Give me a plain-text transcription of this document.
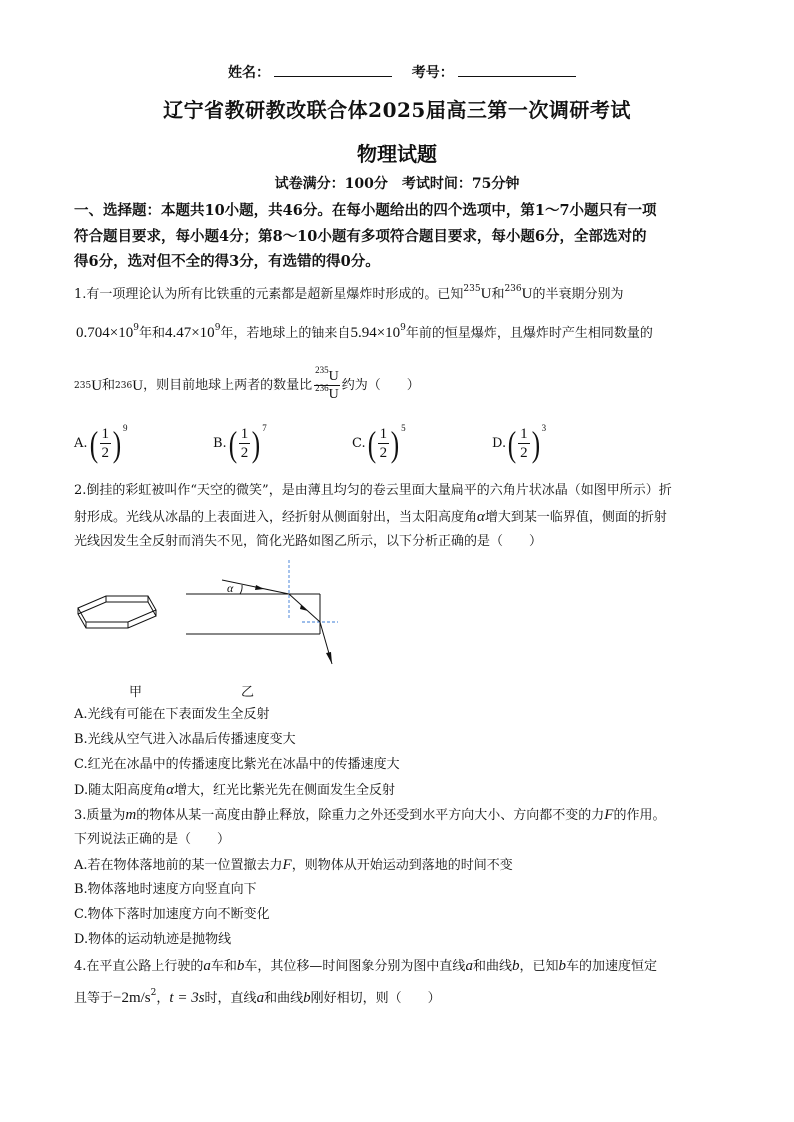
姓名：	考号：
辽宁省教研教改联合体2025届高三第一次调研考试
物理试题
试卷满分：100分　考试时间：75分钟
一、选择题：本题共10小题，共46分。在每小题给出的四个选项中，第1～7小题只有一项
符合题目要求，每小题4分；第8～10小题有多项符合题目要求，每小题6分，全部选对的
得6分，选对但不全的得3分，有选错的得0分。
1.有一项理论认为所有比铁重的元素都是超新星爆炸时形成的。已知$^{235}$U和$^{236}$U的半衰期分别为
$0.704\times 10^9$年和$4.47\times 10^9$年，若地球上的铀来自$5.94\times 10^9$年前的恒星爆炸，且爆炸时产生相同数量的
235 U 和 236 U ，则目前地球上两者的数量比 $\frac{^{235}U}{^{236}U}$ 约为（　　）
A. ( $\frac{1}{2}$ ) 9
B. ( $\frac{1}{2}$ ) 7
C. ( $\frac{1}{2}$ ) 5
D. ( $\frac{1}{2}$ ) 3
2.倒挂的彩虹被叫作“天空的微笑”，是由薄且均匀的卷云里面大量扁平的六角片状冰晶（如图甲所示）折
射形成。光线从冰晶的上表面进入，经折射从侧面射出，当太阳高度角α增大到某一临界值，侧面的折射
光线因发生全反射而消失不见，简化光路如图乙所示，以下分析正确的是（　　）
α
甲	乙
A.光线有可能在下表面发生全反射
B.光线从空气进入冰晶后传播速度变大
C.红光在冰晶中的传播速度比紫光在冰晶中的传播速度大
D.随太阳高度角α增大，红光比紫光先在侧面发生全反射
3.质量为m的物体从某一高度由静止释放，除重力之外还受到水平方向大小、方向都不变的力F的作用。
下列说法正确的是（　　）
A.若在物体落地前的某一位置撤去力F，则物体从开始运动到落地的时间不变
B.物体落地时速度方向竖直向下
C.物体下落时加速度方向不断变化
D.物体的运动轨迹是抛物线
4.在平直公路上行驶的a车和b车，其位移—时间图象分别为图中直线a和曲线b，已知b车的加速度恒定
且等于$-2m/s^2$，t = 3s时，直线a和曲线b刚好相切，则（　　）
